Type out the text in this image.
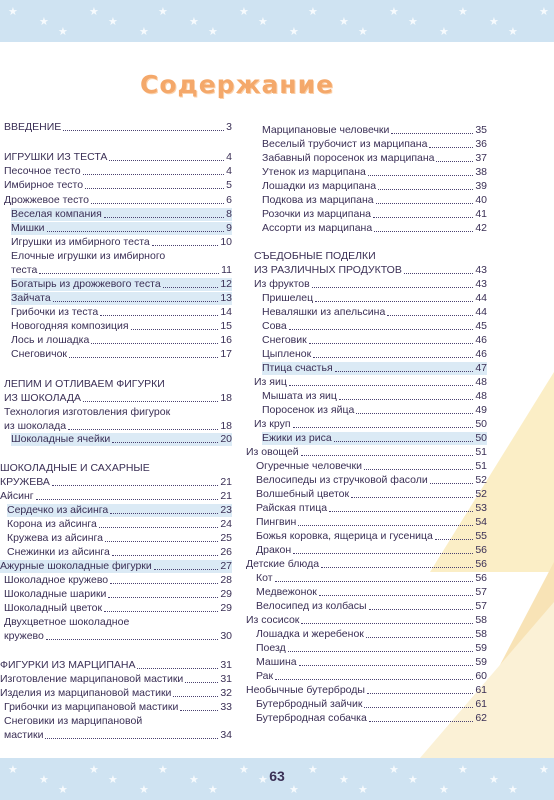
★
★
★
★
★
★
★
★
★
★
★
★
★
★
★
★
★
★
★
★
★
★
★
★
★
★
★
★
★
★
★
★
★
★
★
★
★
★
★
★
★
★
★
★
Содержание
ВВЕДЕНИЕ	3
ИГРУШКИ ИЗ ТЕСТА	4
Песочное тесто	4
Имбирное тесто	5
Дрожжевое тесто	6
Веселая компания	8
Мишки	9
Игрушки из имбирного теста	10
Елочные игрушки из имбирного
теста	11
Богатырь из дрожжевого теста	12
Зайчата	13
Грибочки из теста	14
Новогодняя композиция	15
Лось и лошадка	16
Снеговичок	17
ЛЕПИМ И ОТЛИВАЕМ ФИГУРКИ
ИЗ ШОКОЛАДА	18
Технология изготовления фигурок
из шоколада	18
Шоколадные ячейки	20
ШОКОЛАДНЫЕ И САХАРНЫЕ
КРУЖЕВА	21
Айсинг	21
Сердечко из айсинга	23
Корона из айсинга	24
Кружева из айсинга	25
Снежинки из айсинга	26
Ажурные шоколадные фигурки	27
Шоколадное кружево	28
Шоколадные шарики	29
Шоколадный цветок	29
Двухцветное шоколадное
кружево	30
ФИГУРКИ ИЗ МАРЦИПАНА	31
Изготовление марципановой мастики	31
Изделия из марципановой мастики	32
Грибочки из марципановой мастики	33
Снеговики из марципановой
мастики	34
Марципановые человечки	35
Веселый трубочист из марципана	36
Забавный поросенок из марципана	37
Утенок из марципана	38
Лошадки из марципана	39
Подкова из марципана	40
Розочки из марципана	41
Ассорти из марципана	42
СЪЕДОБНЫЕ ПОДЕЛКИ
ИЗ РАЗЛИЧНЫХ ПРОДУКТОВ	43
Из фруктов	43
Пришелец	44
Неваляшки из апельсина	44
Сова	45
Снеговик	46
Цыпленок	46
Птица счастья	47
Из яиц	48
Мышата из яиц	48
Поросенок из яйца	49
Из круп	50
Ежики из риса	50
Из овощей	51
Огуречные человечки	51
Велосипеды из стручковой фасоли	52
Волшебный цветок	52
Райская птица	53
Пингвин	54
Божья коровка, ящерица и гусеница	55
Дракон	56
Детские блюда	56
Кот	56
Медвежонок	57
Велосипед из колбасы	57
Из сосисок	58
Лошадка и жеребенок	58
Поезд	59
Машина	59
Рак	60
Необычные бутерброды	61
Бутербродный зайчик	61
Бутербродная собачка	62
63
